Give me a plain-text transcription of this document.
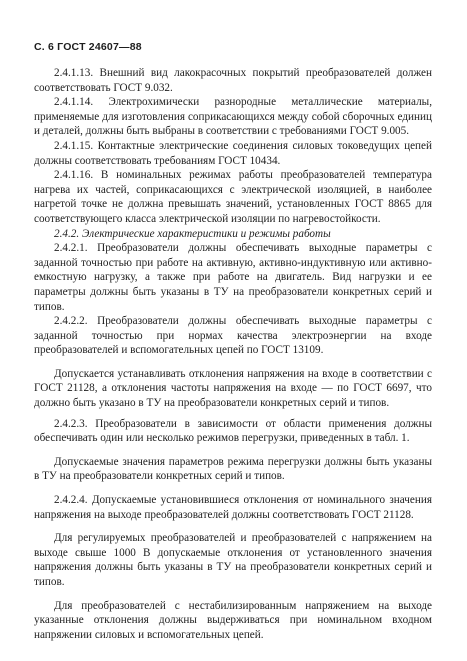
С. 6 ГОСТ 24607—88

2.4.1.13. Внешний вид лакокрасочных покрытий преобразователей должен соответствовать ГОСТ 9.032.

2.4.1.14. Электрохимически разнородные металлические материалы, применяемые для изготовления соприкасающихся между собой сборочных единиц и деталей, должны быть выбраны в соответствии с требованиями ГОСТ 9.005.

2.4.1.15. Контактные электрические соединения силовых токоведущих цепей должны соответствовать требованиям ГОСТ 10434.

2.4.1.16. В номинальных режимах работы преобразователей температура нагрева их частей, соприкасающихся с электрической изоляцией, в наиболее нагретой точке не должна превышать значений, установленных ГОСТ 8865 для соответствующего класса электрической изоляции по нагревостойкости.

2.4.2. Электрические характеристики и режимы работы

2.4.2.1. Преобразователи должны обеспечивать выходные параметры с заданной точностью при работе на активную, активно-индуктивную или активно-емкостную нагрузку, а также при работе на двигатель. Вид нагрузки и ее параметры должны быть указаны в ТУ на преобразователи конкретных серий и типов.

2.4.2.2. Преобразователи должны обеспечивать выходные параметры с заданной точностью при нормах качества электроэнергии на входе преобразователей и вспомогательных цепей по ГОСТ 13109.

Допускается устанавливать отклонения напряжения на входе в соответствии с ГОСТ 21128, а отклонения частоты напряжения на входе — по ГОСТ 6697, что должно быть указано в ТУ на преобразователи конкретных серий и типов.

2.4.2.3. Преобразователи в зависимости от области применения должны обеспечивать один или несколько режимов перегрузки, приведенных в табл. 1.

Допускаемые значения параметров режима перегрузки должны быть указаны в ТУ на преобразователи конкретных серий и типов.

2.4.2.4. Допускаемые установившиеся отклонения от номинального значения напряжения на выходе преобразователей должны соответствовать ГОСТ 21128.

Для регулируемых преобразователей и преобразователей с напряжением на выходе свыше 1000 В допускаемые отклонения от установленного значения напряжения должны быть указаны в ТУ на преобразователи конкретных серий и типов.

Для преобразователей с нестабилизированным напряжением на выходе указанные отклонения должны выдерживаться при номинальном входном напряжении силовых и вспомогательных цепей.
